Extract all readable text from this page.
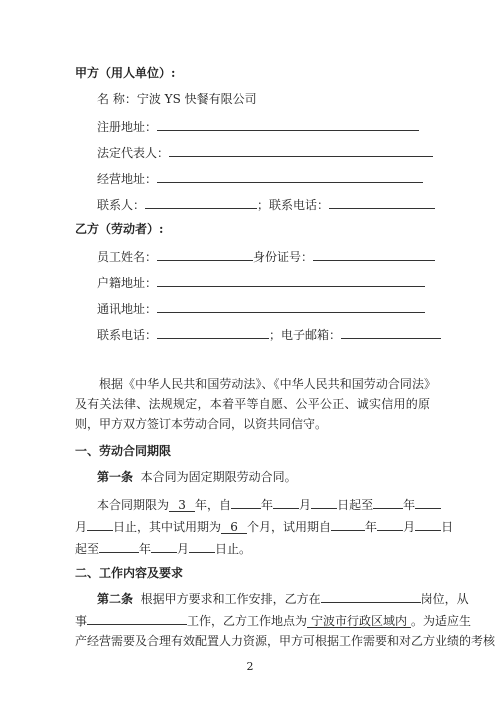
甲方（用人单位）:
名 称：宁波 YS 快餐有限公司
注册地址：
法定代表人：
经营地址：
联系人：	；联系电话：
乙方（劳动者）:
员工姓名：	身份证号：
户籍地址：
通讯地址：
联系电话：	；电子邮箱：
根据《中华人民共和国劳动法》、《中华人民共和国劳动合同法》及有关法律、法规规定，本着平等自愿、公平公正、诚实信用的原则，甲方双方签订本劳动合同，以资共同信守。
一、劳动合同期限
第一条 本合同为固定期限劳动合同。
本合同期限为 3 年，自	年 月 日起至	年
月 日止，其中试用期为 6 个月，试用期自	年 月 日
起至	年 月 日止。
二、工作内容及要求
第二条 根据甲方要求和工作安排，乙方在	岗位，从
事	工作，乙方工作地点为 宁波市行政区域内 。为适应生
产经营需要及合理有效配置人力资源，甲方可根据工作需要和对乙方业绩的考核
2
